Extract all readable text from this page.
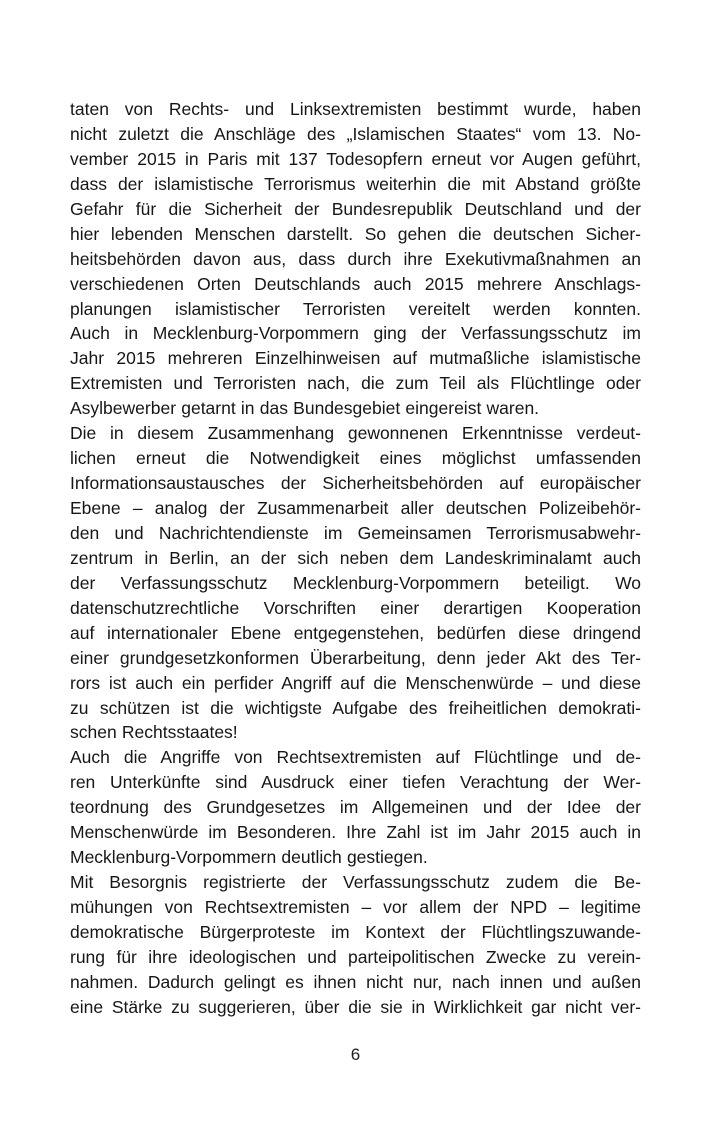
taten von Rechts- und Linksextremisten bestimmt wurde, haben
nicht zuletzt die Anschläge des „Islamischen Staates“ vom 13. No-
vember 2015 in Paris mit 137 Todesopfern erneut vor Augen geführt,
dass der islamistische Terrorismus weiterhin die mit Abstand größte
Gefahr für die Sicherheit der Bundesrepublik Deutschland und der
hier lebenden Menschen darstellt. So gehen die deutschen Sicher-
heitsbehörden davon aus, dass durch ihre Exekutivmaßnahmen an
verschiedenen Orten Deutschlands auch 2015 mehrere Anschlags-
planungen islamistischer Terroristen vereitelt werden konnten.
Auch in Mecklenburg-Vorpommern ging der Verfassungsschutz im
Jahr 2015 mehreren Einzelhinweisen auf mutmaßliche islamistische
Extremisten und Terroristen nach, die zum Teil als Flüchtlinge oder
Asylbewerber getarnt in das Bundesgebiet eingereist waren.
Die in diesem Zusammenhang gewonnenen Erkenntnisse verdeut-
lichen erneut die Notwendigkeit eines möglichst umfassenden
Informationsaustausches der Sicherheitsbehörden auf europäischer
Ebene – analog der Zusammenarbeit aller deutschen Polizeibehör-
den und Nachrichtendienste im Gemeinsamen Terrorismusabwehr-
zentrum in Berlin, an der sich neben dem Landeskriminalamt auch
der Verfassungsschutz Mecklenburg-Vorpommern beteiligt. Wo
datenschutzrechtliche Vorschriften einer derartigen Kooperation
auf internationaler Ebene entgegenstehen, bedürfen diese dringend
einer grundgesetzkonformen Überarbeitung, denn jeder Akt des Ter-
rors ist auch ein perfider Angriff auf die Menschenwürde – und diese
zu schützen ist die wichtigste Aufgabe des freiheitlichen demokrati-
schen Rechtsstaates!
Auch die Angriffe von Rechtsextremisten auf Flüchtlinge und de-
ren Unterkünfte sind Ausdruck einer tiefen Verachtung der Wer-
teordnung des Grundgesetzes im Allgemeinen und der Idee der
Menschenwürde im Besonderen. Ihre Zahl ist im Jahr 2015 auch in
Mecklenburg-Vorpommern deutlich gestiegen.
Mit Besorgnis registrierte der Verfassungsschutz zudem die Be-
mühungen von Rechtsextremisten – vor allem der NPD – legitime
demokratische Bürgerproteste im Kontext der Flüchtlingszuwande-
rung für ihre ideologischen und parteipolitischen Zwecke zu verein-
nahmen. Dadurch gelingt es ihnen nicht nur, nach innen und außen
eine Stärke zu suggerieren, über die sie in Wirklichkeit gar nicht ver-
6
